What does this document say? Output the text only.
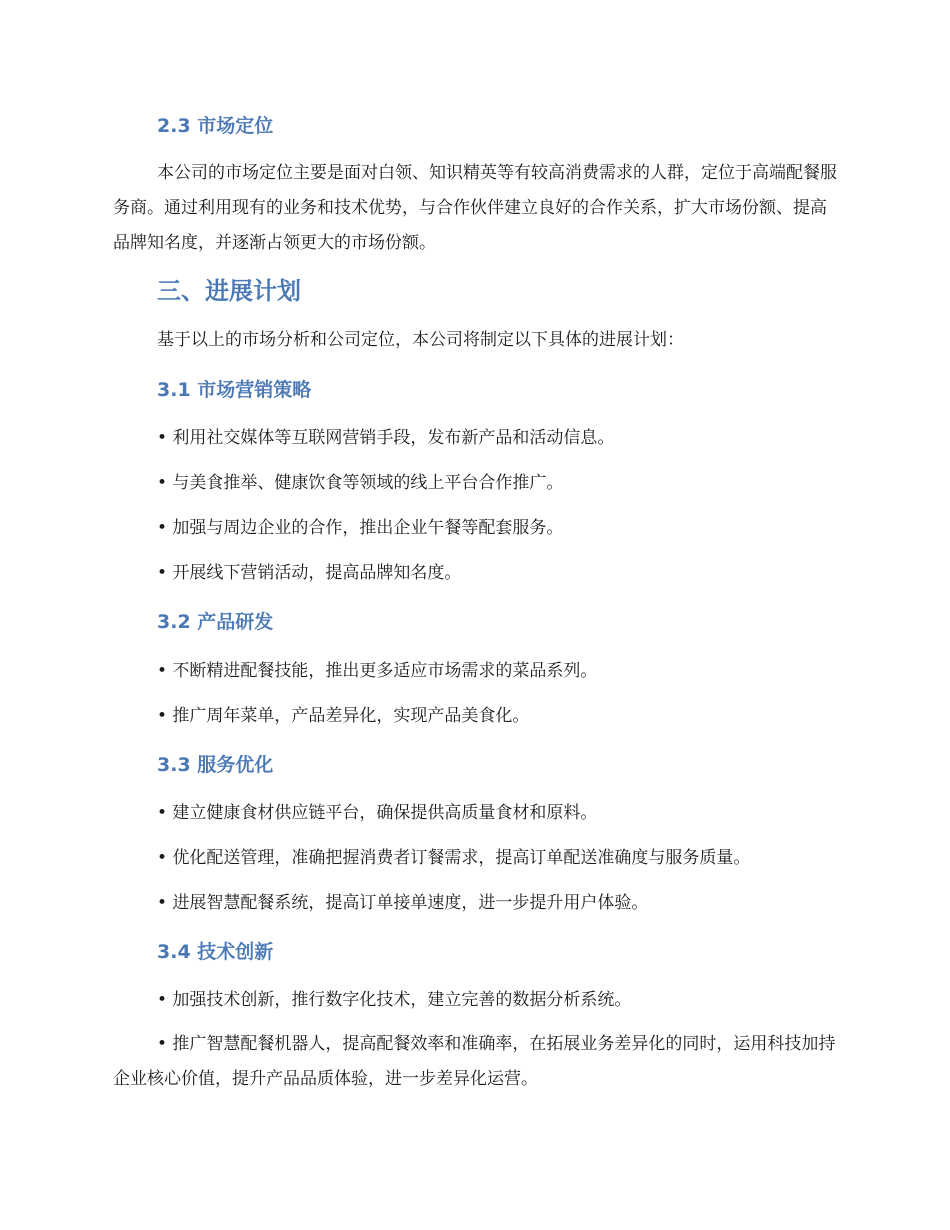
2.3 市场定位

本公司的市场定位主要是面对白领、知识精英等有较高消费需求的人群，定位于高端配餐服务商。通过利用现有的业务和技术优势，与合作伙伴建立良好的合作关系，扩大市场份额、提高品牌知名度，并逐渐占领更大的市场份额。

三、进展计划

基于以上的市场分析和公司定位，本公司将制定以下具体的进展计划：

3.1 市场营销策略
• 利用社交媒体等互联网营销手段，发布新产品和活动信息。
• 与美食推举、健康饮食等领域的线上平台合作推广。
• 加强与周边企业的合作，推出企业午餐等配套服务。
• 开展线下营销活动，提高品牌知名度。
3.2 产品研发
• 不断精进配餐技能，推出更多适应市场需求的菜品系列。
• 推广周年菜单，产品差异化，实现产品美食化。
3.3 服务优化
• 建立健康食材供应链平台，确保提供高质量食材和原料。
• 优化配送管理，准确把握消费者订餐需求，提高订单配送准确度与服务质量。
• 进展智慧配餐系统，提高订单接单速度，进一步提升用户体验。
3.4 技术创新
• 加强技术创新，推行数字化技术，建立完善的数据分析系统。

• 推广智慧配餐机器人，提高配餐效率和准确率，在拓展业务差异化的同时，运用科技加持企业核心价值，提升产品品质体验，进一步差异化运营。
